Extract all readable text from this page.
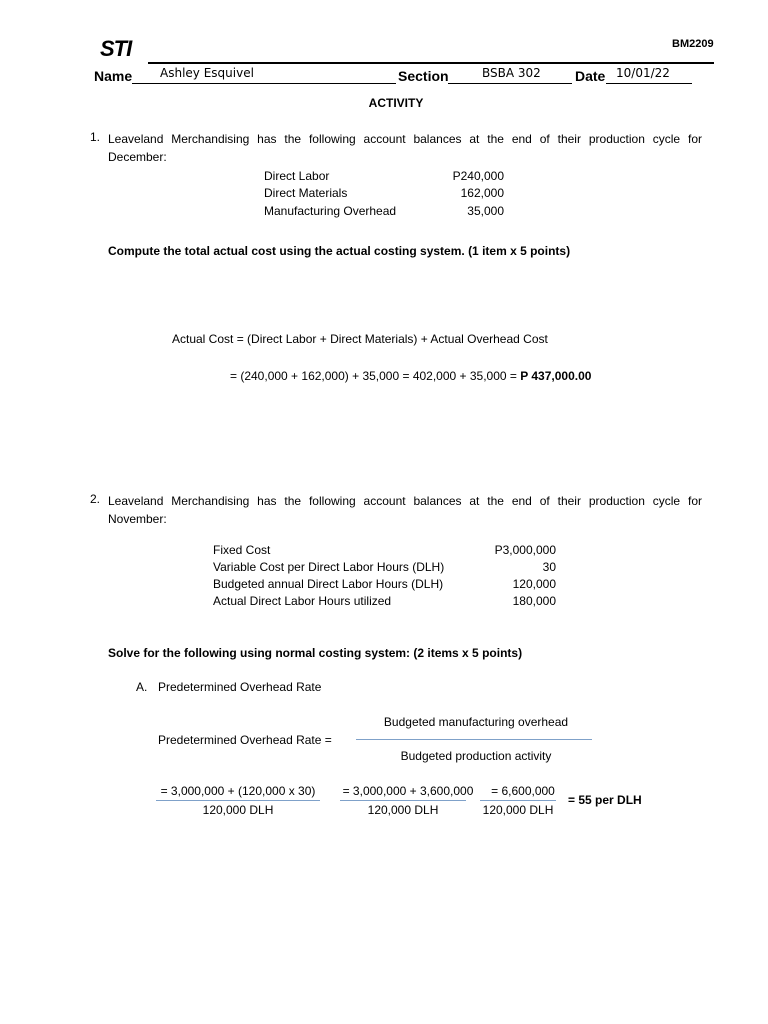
STI	BM2209
Name Ashley Esquivel	Section	BSBA 302 Date 10/01/22
ACTIVITY
1. Leaveland Merchandising has the following account balances at the end of their production cycle for
December:
Direct Labor	P240,000
Direct Materials	162,000
Manufacturing Overhead	35,000
Compute the total actual cost using the actual costing system. (1 item x 5 points)
Actual Cost = (Direct Labor + Direct Materials) + Actual Overhead Cost
= (240,000 + 162,000) + 35,000 = 402,000 + 35,000 = P 437,000.00
2. Leaveland Merchandising has the following account balances at the end of their production cycle for
November:
Fixed Cost	P3,000,000
Variable Cost per Direct Labor Hours (DLH)	30
Budgeted annual Direct Labor Hours (DLH)	120,000
Actual Direct Labor Hours utilized	180,000
Solve for the following using normal costing system: (2 items x 5 points)
A. Predetermined Overhead Rate
Budgeted manufacturing overhead
Predetermined Overhead Rate =
Budgeted production activity
= 3,000,000 + (120,000 x 30)
120,000 DLH
= 3,000,000 + 3,600,000
120,000 DLH
= 6,600,000
120,000 DLH
= 55 per DLH
